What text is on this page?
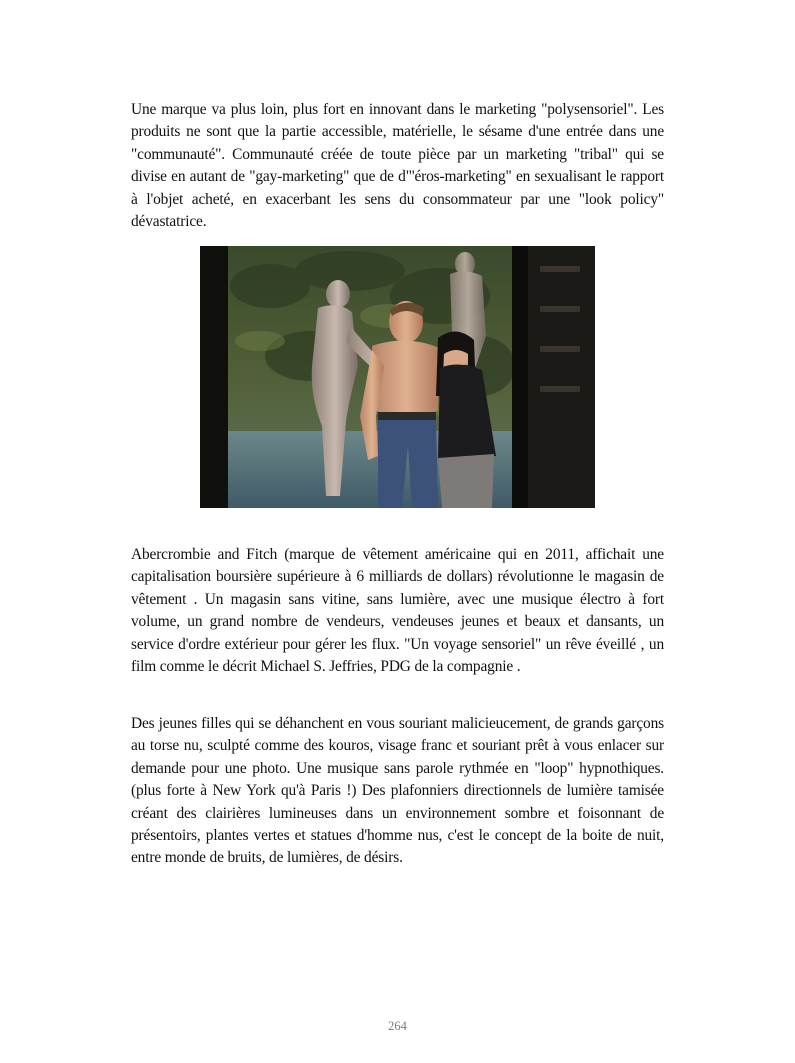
Une marque va plus loin, plus fort en innovant dans le marketing "polysensoriel". Les produits ne sont que la partie accessible, matérielle, le sésame d'une entrée dans une "communauté". Communauté créée de toute pièce par un marketing "tribal" qui se divise en autant de "gay-marketing" que de d"'éros-marketing" en sexualisant le rapport à l'objet acheté, en exacerbant les sens du consommateur par une "look policy" dévastatrice.

Abercrombie and Fitch (marque de vêtement américaine qui en 2011, affichait une capitalisation boursière supérieure à 6 milliards de dollars) révolutionne le magasin de vêtement . Un magasin sans vitine, sans lumière, avec une musique électro à fort volume, un grand nombre de vendeurs, vendeuses jeunes et beaux et dansants, un service d'ordre extérieur pour gérer les flux. "Un voyage sensoriel" un rêve éveillé , un film comme le décrit Michael S. Jeffries, PDG de la compagnie .

Des jeunes filles qui se déhanchent en vous souriant malicieucement, de grands garçons au torse nu, sculpté comme des kouros, visage franc et souriant prêt à vous enlacer sur demande pour une photo. Une musique sans parole rythmée en "loop" hypnothiques. (plus forte à New York qu'à Paris !) Des plafonniers directionnels de lumière tamisée créant des clairières lumineuses dans un environnement sombre et foisonnant de présentoirs, plantes vertes et statues d'homme nus, c'est le concept de la boite de nuit, entre monde de bruits, de lumières, de désirs.

264
